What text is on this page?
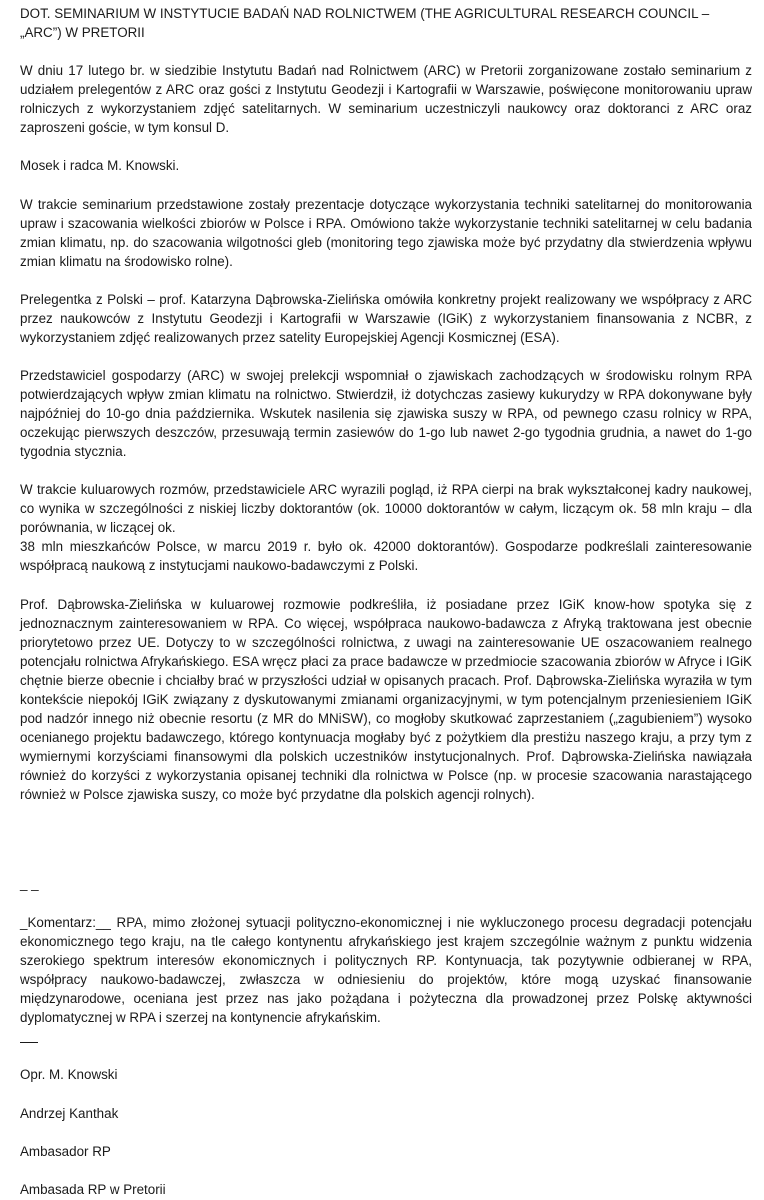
DOT. SEMINARIUM W INSTYTUCIE BADAŃ NAD ROLNICTWEM (THE AGRICULTURAL RESEARCH COUNCIL – „ARC”) W PRETORII

W dniu 17 lutego br. w siedzibie Instytutu Badań nad Rolnictwem (ARC) w Pretorii zorganizowane zostało seminarium z udziałem prelegentów z ARC oraz gości z Instytutu Geodezji i Kartografii w Warszawie, poświęcone monitorowaniu upraw rolniczych z wykorzystaniem zdjęć satelitarnych. W seminarium uczestniczyli naukowcy oraz doktoranci z ARC oraz zaproszeni goście, w tym konsul D.

Mosek i radca M. Knowski.

W trakcie seminarium przedstawione zostały prezentacje dotyczące wykorzystania techniki satelitarnej do monitorowania upraw i szacowania wielkości zbiorów w Polsce i RPA. Omówiono także wykorzystanie techniki satelitarnej w celu badania zmian klimatu, np. do szacowania wilgotności gleb (monitoring tego zjawiska może być przydatny dla stwierdzenia wpływu zmian klimatu na środowisko rolne).

Prelegentka z Polski – prof. Katarzyna Dąbrowska-Zielińska omówiła konkretny projekt realizowany we współpracy z ARC przez naukowców z Instytutu Geodezji i Kartografii w Warszawie (IGiK) z wykorzystaniem finansowania z NCBR, z wykorzystaniem zdjęć realizowanych przez satelity Europejskiej Agencji Kosmicznej (ESA).

Przedstawiciel gospodarzy (ARC) w swojej prelekcji wspomniał o zjawiskach zachodzących w środowisku rolnym RPA potwierdzających wpływ zmian klimatu na rolnictwo. Stwierdził, iż dotychczas zasiewy kukurydzy w RPA dokonywane były najpóźniej do 10-go dnia października. Wskutek nasilenia się zjawiska suszy w RPA, od pewnego czasu rolnicy w RPA, oczekując pierwszych deszczów, przesuwają termin zasiewów do 1-go lub nawet 2-go tygodnia grudnia, a nawet do 1-go tygodnia stycznia.

W trakcie kuluarowych rozmów, przedstawiciele ARC wyrazili pogląd, iż RPA cierpi na brak wykształconej kadry naukowej, co wynika w szczególności z niskiej liczby doktorantów (ok. 10000 doktorantów w całym, liczącym ok. 58 mln kraju – dla porównania, w liczącej ok.

38 mln mieszkańców Polsce, w marcu 2019 r. było ok. 42000 doktorantów). Gospodarze podkreślali zainteresowanie współpracą naukową z instytucjami naukowo-badawczymi z Polski.

Prof. Dąbrowska-Zielińska w kuluarowej rozmowie podkreśliła, iż posiadane przez IGiK know-how spotyka się z jednoznacznym zainteresowaniem w RPA. Co więcej, współpraca naukowo-badawcza z Afryką traktowana jest obecnie priorytetowo przez UE. Dotyczy to w szczególności rolnictwa, z uwagi na zainteresowanie UE oszacowaniem realnego potencjału rolnictwa Afrykańskiego. ESA wręcz płaci za prace badawcze w przedmiocie szacowania zbiorów w Afryce i IGiK chętnie bierze obecnie i chciałby brać w przyszłości udział w opisanych pracach. Prof. Dąbrowska-Zielińska wyraziła w tym kontekście niepokój IGiK związany z dyskutowanymi zmianami organizacyjnymi, w tym potencjalnym przeniesieniem IGiK pod nadzór innego niż obecnie resortu (z MR do MNiSW), co mogłoby skutkować zaprzestaniem („zagubieniem”) wysoko ocenianego projektu badawczego, którego kontynuacja mogłaby być z pożytkiem dla prestiżu naszego kraju, a przy tym z wymiernymi korzyściami finansowymi dla polskich uczestników instytucjonalnych. Prof. Dąbrowska-Zielińska nawiązała również do korzyści z wykorzystania opisanej techniki dla rolnictwa w Polsce (np. w procesie szacowania narastającego również w Polsce zjawiska suszy, co może być przydatne dla polskich agencji rolnych).

_ _

_Komentarz:__ RPA, mimo złożonej sytuacji polityczno-ekonomicznej i nie wykluczonego procesu degradacji potencjału ekonomicznego tego kraju, na tle całego kontynentu afrykańskiego jest krajem szczególnie ważnym z punktu widzenia szerokiego spektrum interesów ekonomicznych i politycznych RP. Kontynuacja, tak pozytywnie odbieranej w RPA, współpracy naukowo-badawczej, zwłaszcza w odniesieniu do projektów, które mogą uzyskać finansowanie międzynarodowe, oceniana jest przez nas jako pożądana i pożyteczna dla prowadzonej przez Polskę aktywności dyplomatycznej w RPA i szerzej na kontynencie afrykańskim.

Opr. M. Knowski

Andrzej Kanthak

Ambasador RP

Ambasada RP w Pretorii
